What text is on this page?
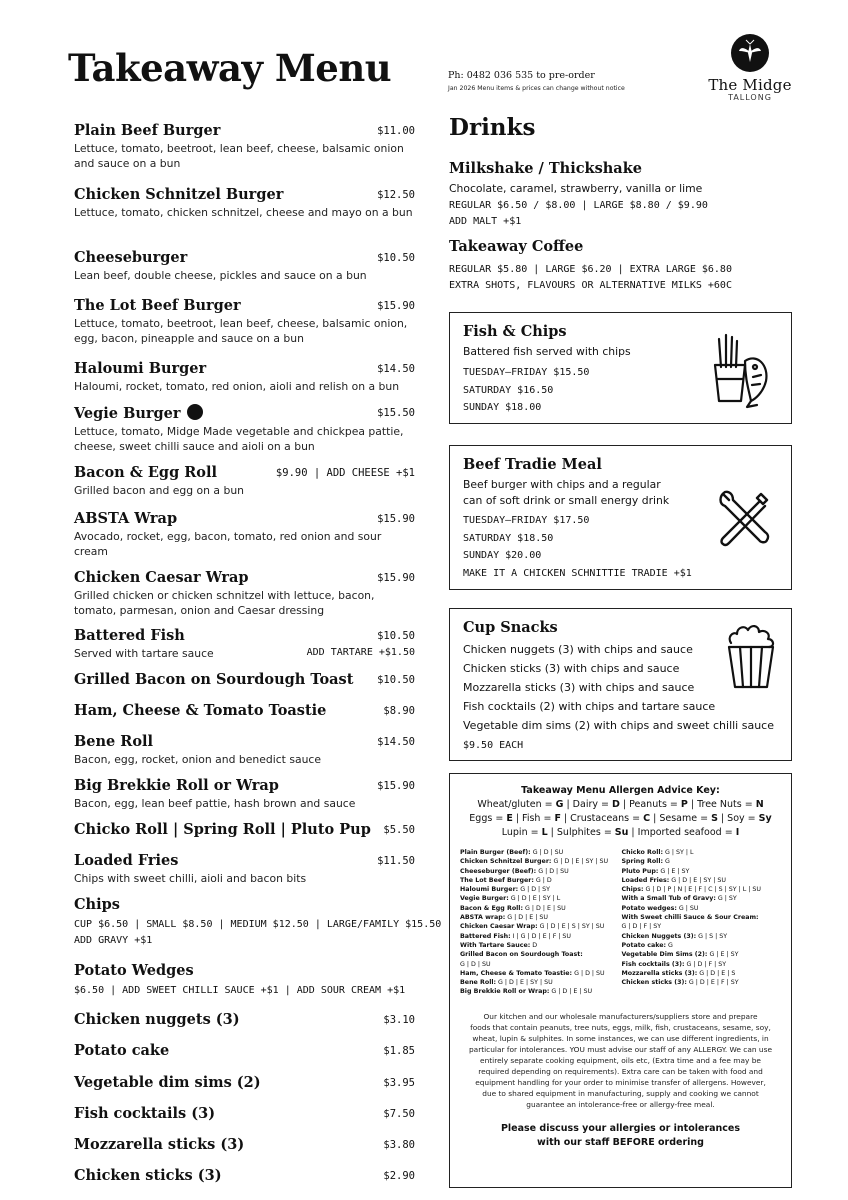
Takeaway Menu	Ph: 0482 036 535 to pre-order
Jan 2026 Menu items & prices can change without notice	The Midge
TALLONG
Plain Beef Burger	$11.00
Lettuce, tomato, beetroot, lean beef, cheese, balsamic onion and sauce on a bun
Chicken Schnitzel Burger	$12.50
Lettuce, tomato, chicken schnitzel, cheese and mayo on a bun
Cheeseburger	$10.50
Lean beef, double cheese, pickles and sauce on a bun
The Lot Beef Burger	$15.90
Lettuce, tomato, beetroot, lean beef, cheese, balsamic onion, egg, bacon, pineapple and sauce on a bun
Haloumi Burger	$14.50
Haloumi, rocket, tomato, red onion, aioli and relish on a bun
Vegie Burger	$15.50
Lettuce, tomato, Midge Made vegetable and chickpea pattie, cheese, sweet chilli sauce and aioli on a bun
Bacon & Egg Roll	$9.90 | ADD CHEESE +$1
Grilled bacon and egg on a bun
ABSTA Wrap	$15.90
Avocado, rocket, egg, bacon, tomato, red onion and sour cream
Chicken Caesar Wrap	$15.90
Grilled chicken or chicken schnitzel with lettuce, bacon, tomato, parmesan, onion and Caesar dressing
Battered Fish	$10.50
Served with tartare sauce	ADD TARTARE +$1.50
Grilled Bacon on Sourdough Toast	$10.50
Ham, Cheese & Tomato Toastie	$8.90
Bene Roll	$14.50
Bacon, egg, rocket, onion and benedict sauce
Big Brekkie Roll or Wrap	$15.90
Bacon, egg, lean beef pattie, hash brown and sauce
Chicko Roll | Spring Roll | Pluto Pup	$5.50
Loaded Fries	$11.50
Chips with sweet chilli, aioli and bacon bits
Chips
CUP $6.50 | SMALL $8.50 | MEDIUM $12.50 | LARGE/FAMILY $15.50
ADD GRAVY +$1
Potato Wedges
$6.50 | ADD SWEET CHILLI SAUCE +$1 | ADD SOUR CREAM +$1
Chicken nuggets (3)	$3.10
Potato cake	$1.85
Vegetable dim sims (2)	$3.95
Fish cocktails (3)	$7.50
Mozzarella sticks (3)	$3.80
Chicken sticks (3)	$2.90
Drinks
Milkshake / Thickshake
Chocolate, caramel, strawberry, vanilla or lime
REGULAR $6.50 / $8.00 | LARGE $8.80 / $9.90
ADD MALT +$1
Takeaway Coffee
REGULAR $5.80 | LARGE $6.20 | EXTRA LARGE $6.80
EXTRA SHOTS, FLAVOURS OR ALTERNATIVE MILKS +60C
Fish & Chips
Battered fish served with chips
TUESDAY–FRIDAY $15.50
SATURDAY $16.50
SUNDAY $18.00
Beef Tradie Meal
Beef burger with chips and a regular
can of soft drink or small energy drink
TUESDAY–FRIDAY $17.50
SATURDAY $18.50
SUNDAY $20.00
MAKE IT A CHICKEN SCHNITTIE TRADIE +$1
Cup Snacks
Chicken nuggets (3) with chips and sauce
Chicken sticks (3) with chips and sauce
Mozzarella sticks (3) with chips and sauce
Fish cocktails (2) with chips and tartare sauce
Vegetable dim sims (2) with chips and sweet chilli sauce
$9.50 EACH
Takeaway Menu Allergen Advice Key:
Wheat/gluten = G | Dairy = D | Peanuts = P | Tree Nuts = N
Eggs = E | Fish = F | Crustaceans = C | Sesame = S | Soy = Sy
Lupin = L | Sulphites = Su | Imported seafood = I
Plain Burger (Beef): G | D | SU
Chicken Schnitzel Burger: G | D | E | SY | SU
Cheeseburger (Beef): G | D | SU
The Lot Beef Burger: G | D
Haloumi Burger: G | D | SY
Vegie Burger: G | D | E | SY | L
Bacon & Egg Roll: G | D | E | SU
ABSTA wrap: G | D | E | SU
Chicken Caesar Wrap: G | D | E | S | SY | SU
Battered Fish: I | G | D | E | F | SU
With Tartare Sauce: D
Grilled Bacon on Sourdough Toast:
G | D | SU
Ham, Cheese & Tomato Toastie: G | D | SU
Bene Roll: G | D | E | SY | SU
Big Brekkie Roll or Wrap: G | D | E | SU
Chicko Roll: G | SY | L
Spring Roll: G
Pluto Pup: G | E | SY
Loaded Fries: G | D | E | SY | SU
Chips: G | D | P | N | E | F | C | S | SY | L | SU
With a Small Tub of Gravy: G | SY
Potato wedges: G | SU
With Sweet chilli Sauce & Sour Cream:
G | D | F | SY
Chicken Nuggets (3): G | S | SY
Potato cake: G
Vegetable Dim Sims (2): G | E | SY
Fish cocktails (3): G | D | F | SY
Mozzarella sticks (3): G | D | E | S
Chicken sticks (3): G | D | E | F | SY
Our kitchen and our wholesale manufacturers/suppliers store and prepare
foods that contain peanuts, tree nuts, eggs, milk, fish, crustaceans, sesame, soy,
wheat, lupin & sulphites. In some instances, we can use different ingredients, in
particular for intolerances. YOU must advise our staff of any ALLERGY. We can use
entirely separate cooking equipment, oils etc, (Extra time and a fee may be
required depending on requirements). Extra care can be taken with food and
equipment handling for your order to minimise transfer of allergens. However,
due to shared equipment in manufacturing, supply and cooking we cannot
guarantee an intolerance-free or allergy-free meal.
Please discuss your allergies or intolerances
with our staff BEFORE ordering
